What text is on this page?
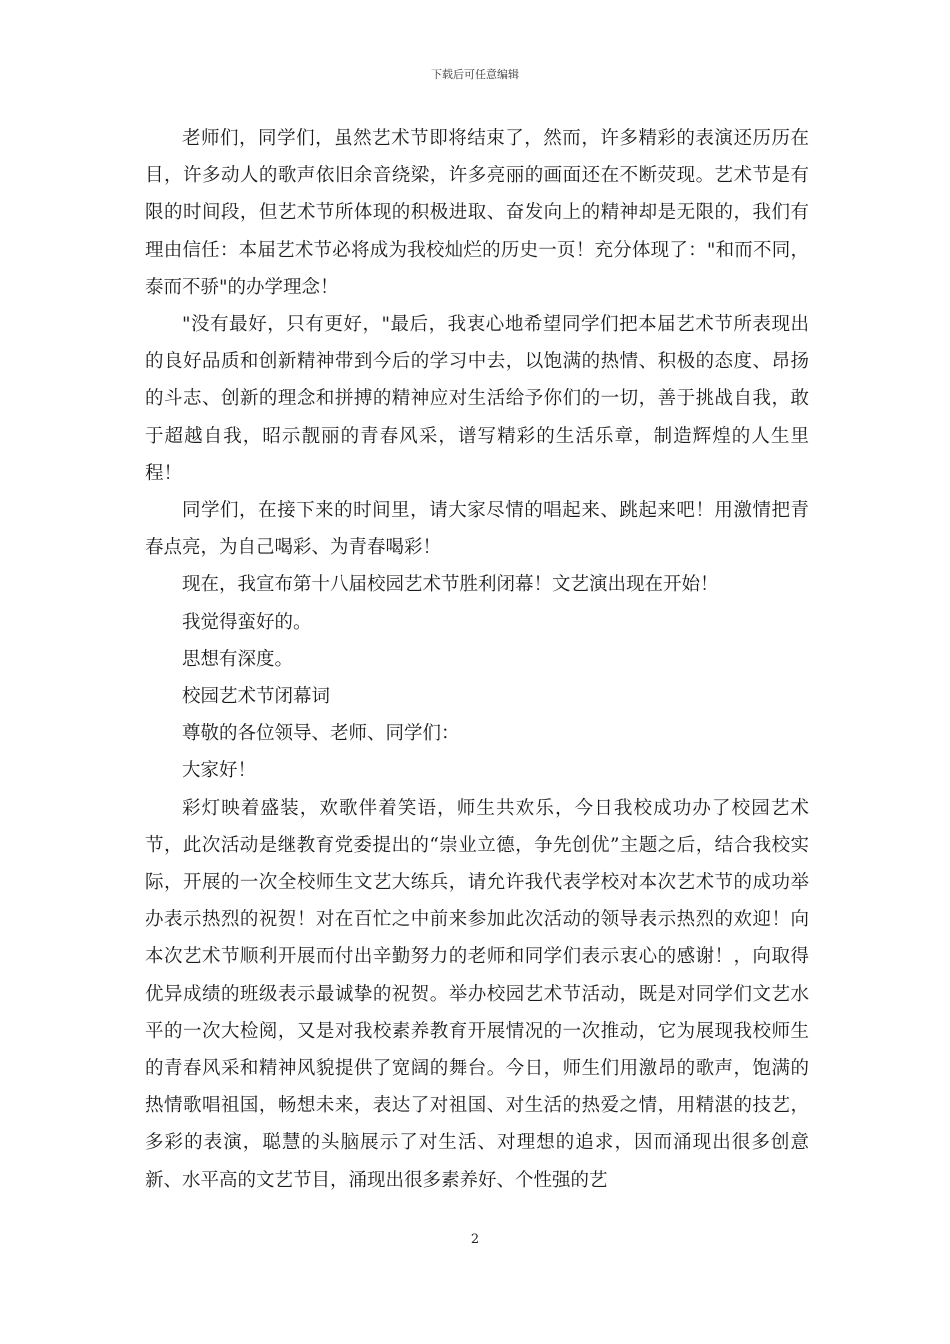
下载后可任意编辑

老师们，同学们，虽然艺术节即将结束了，然而，许多精彩的表演还历历在目，许多动人的歌声依旧余音绕梁，许多亮丽的画面还在不断荧现。艺术节是有限的时间段，但艺术节所体现的积极进取、奋发向上的精神却是无限的，我们有理由信任：本届艺术节必将成为我校灿烂的历史一页！充分体现了："和而不同，泰而不骄"的办学理念！

"没有最好，只有更好，"最后，我衷心地希望同学们把本届艺术节所表现出的良好品质和创新精神带到今后的学习中去，以饱满的热情、积极的态度、昂扬的斗志、创新的理念和拼搏的精神应对生活给予你们的一切，善于挑战自我，敢于超越自我，昭示靓丽的青春风采，谱写精彩的生活乐章，制造辉煌的人生里程！

同学们，在接下来的时间里，请大家尽情的唱起来、跳起来吧！用激情把青春点亮，为自己喝彩、为青春喝彩！

现在，我宣布第十八届校园艺术节胜利闭幕！文艺演出现在开始！

我觉得蛮好的。

思想有深度。

校园艺术节闭幕词

尊敬的各位领导、老师、同学们：

大家好！

彩灯映着盛装，欢歌伴着笑语，师生共欢乐，今日我校成功办了校园艺术节，此次活动是继教育党委提出的“崇业立德，争先创优”主题之后，结合我校实际，开展的一次全校师生文艺大练兵，请允许我代表学校对本次艺术节的成功举办表示热烈的祝贺！对在百忙之中前来参加此次活动的领导表示热烈的欢迎！向本次艺术节顺利开展而付出辛勤努力的老师和同学们表示衷心的感谢！，向取得优异成绩的班级表示最诚挚的祝贺。举办校园艺术节活动，既是对同学们文艺水平的一次大检阅，又是对我校素养教育开展情况的一次推动，它为展现我校师生的青春风采和精神风貌提供了宽阔的舞台。今日，师生们用激昂的歌声，饱满的热情歌唱祖国，畅想未来，表达了对祖国、对生活的热爱之情，用精湛的技艺，多彩的表演，聪慧的头脑展示了对生活、对理想的追求，因而涌现出很多创意新、水平高的文艺节目，涌现出很多素养好、个性强的艺

2
